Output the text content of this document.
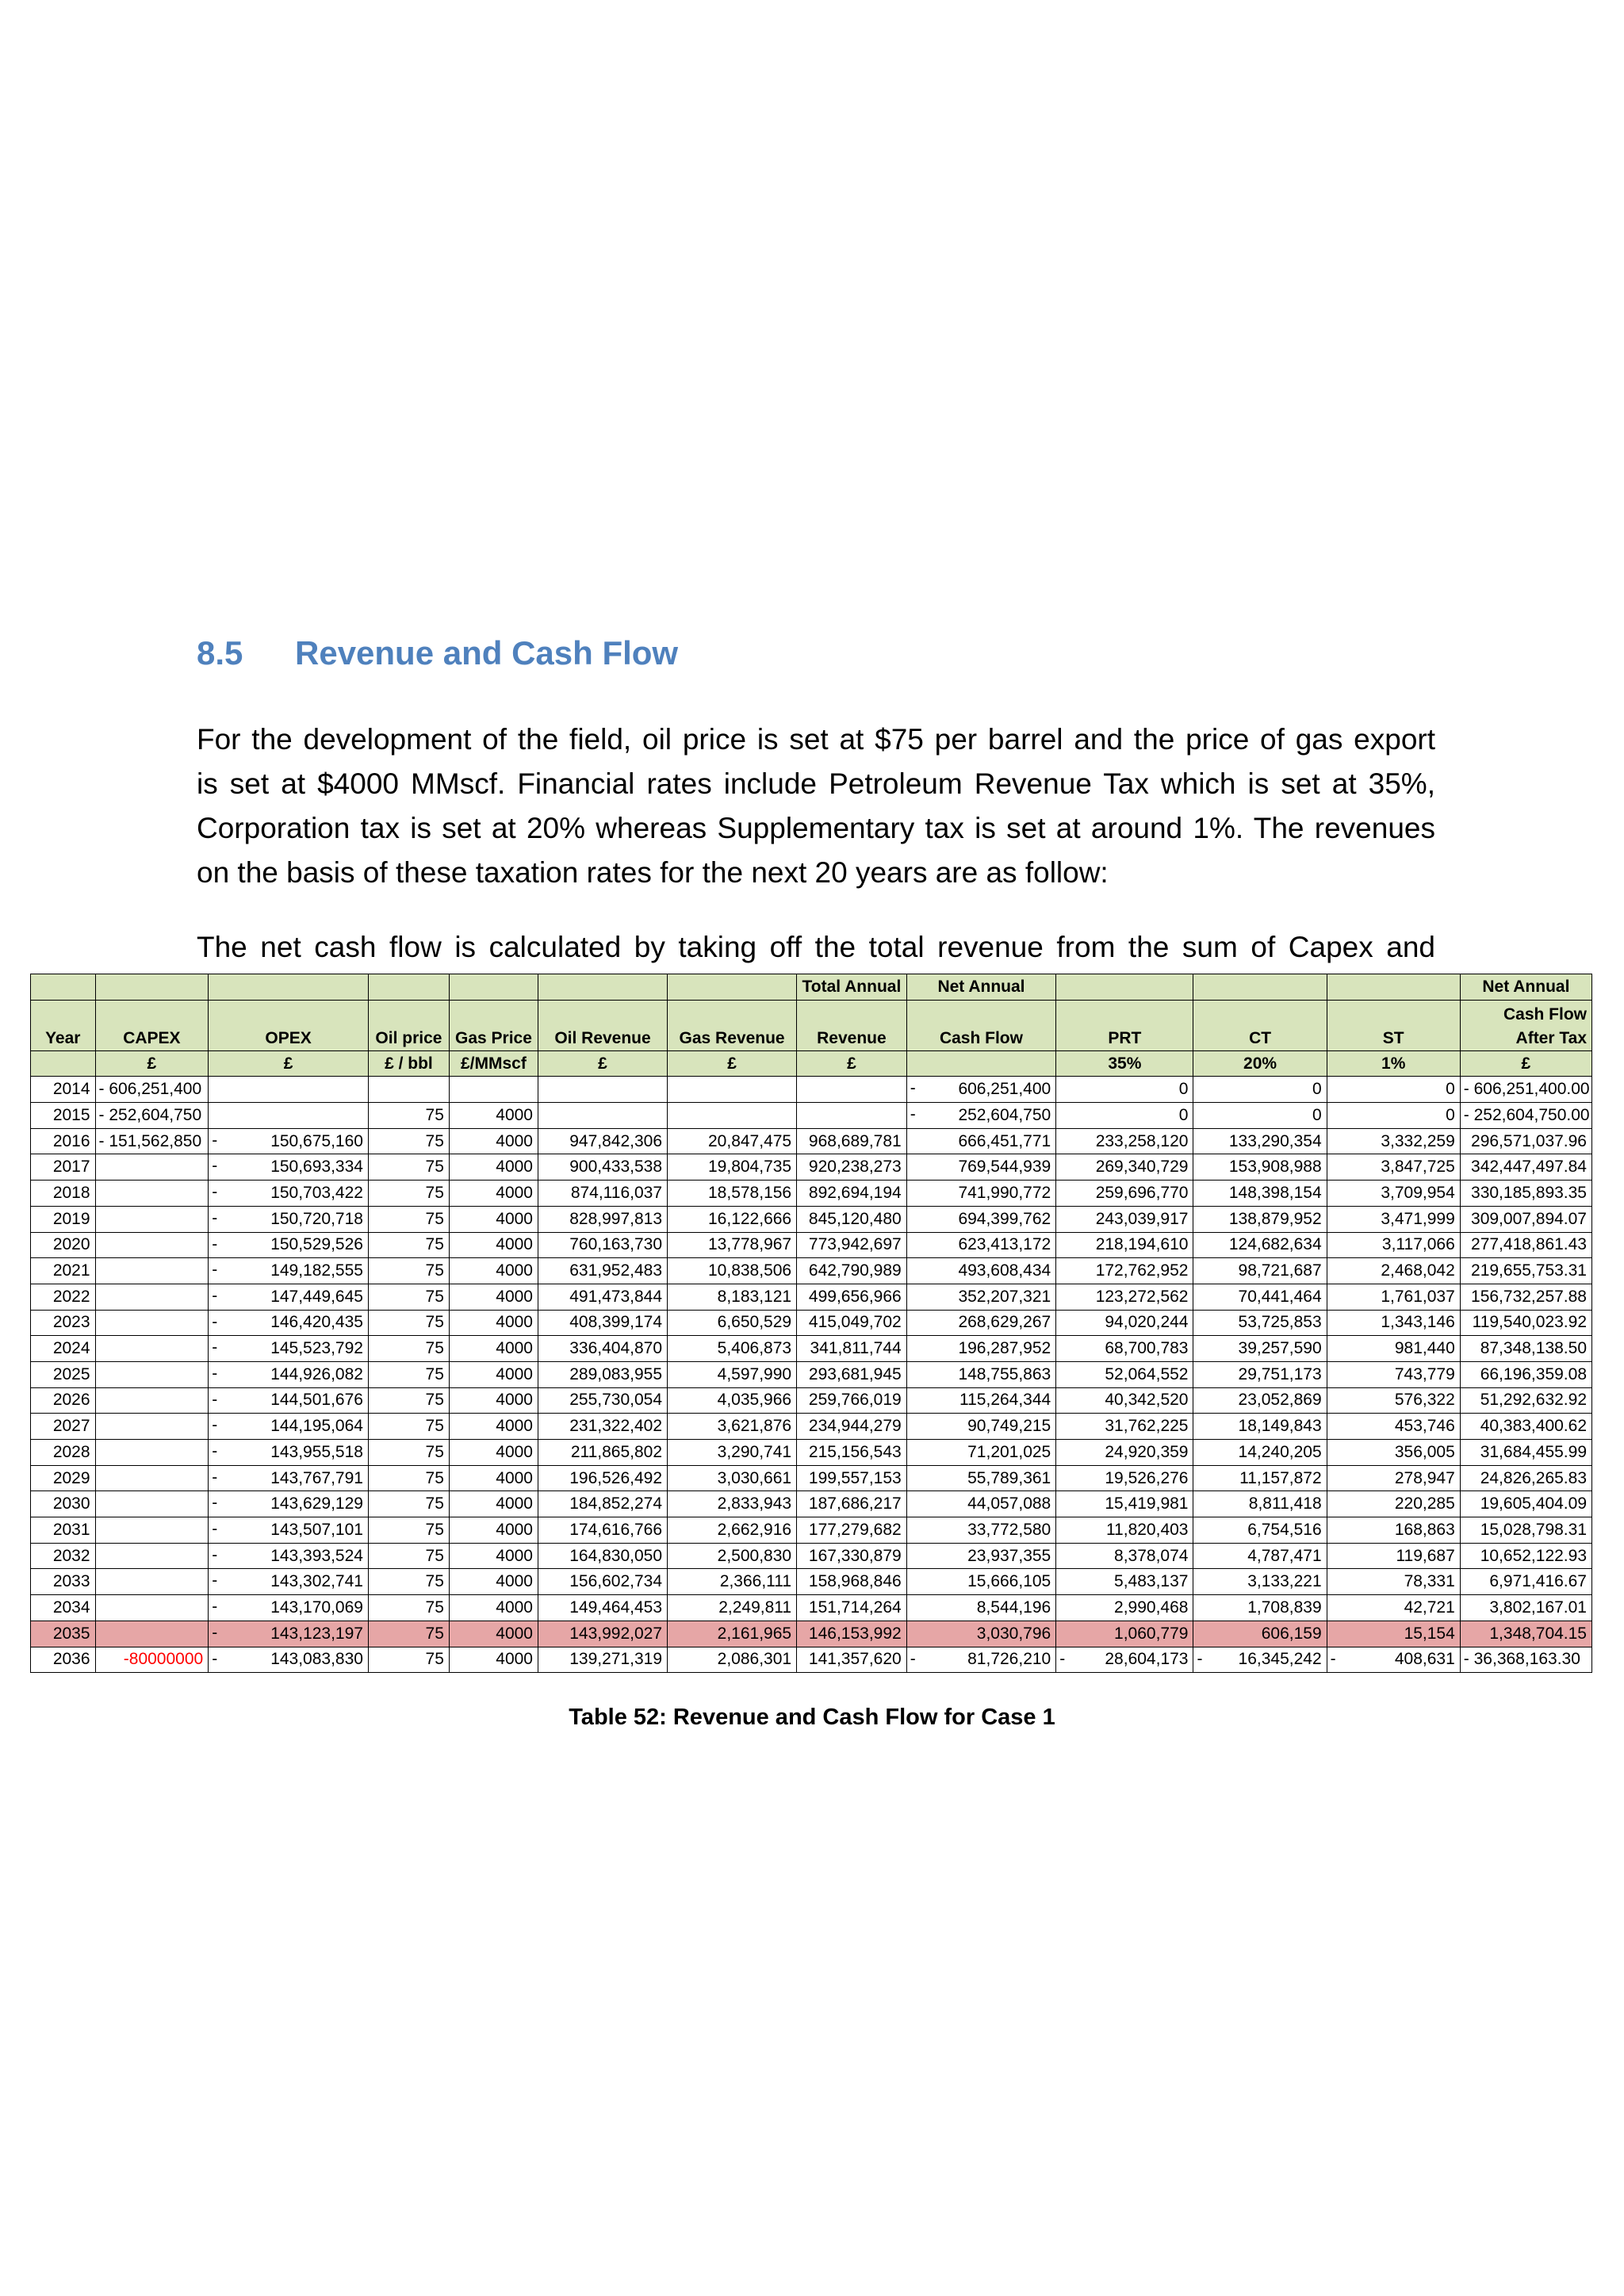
8.5 Revenue and Cash Flow
For the development of the field, oil price is set at $75 per barrel and the price of gas export
is set at $4000 MMscf. Financial rates include Petroleum Revenue Tax which is set at 35%,
Corporation tax is set at 20% whereas Supplementary tax is set at around 1%. The revenues
on the basis of these taxation rates for the next 20 years are as follow:
The net cash flow is calculated by taking off the total revenue from the sum of Capex and
							Total Annual	Net Annual				Net Annual
Year	CAPEX	OPEX	Oil price	Gas Price	Oil Revenue	Gas Revenue	Revenue	Cash Flow	PRT	CT	ST	Cash Flow After Tax
	£	£	£ / bbl	£/MMscf	£	£	£		35%	20%	1%	£
2014	- 606,251,400							- 606,251,400	0	0	0	- 606,251,400.00
2015	- 252,604,750		75	4000				- 252,604,750	0	0	0	- 252,604,750.00
2016	- 151,562,850	- 150,675,160	75	4000	947,842,306	20,847,475	968,689,781	666,451,771	233,258,120	133,290,354	3,332,259	296,571,037.96
2017		- 150,693,334	75	4000	900,433,538	19,804,735	920,238,273	769,544,939	269,340,729	153,908,988	3,847,725	342,447,497.84
2018		- 150,703,422	75	4000	874,116,037	18,578,156	892,694,194	741,990,772	259,696,770	148,398,154	3,709,954	330,185,893.35
2019		- 150,720,718	75	4000	828,997,813	16,122,666	845,120,480	694,399,762	243,039,917	138,879,952	3,471,999	309,007,894.07
2020		- 150,529,526	75	4000	760,163,730	13,778,967	773,942,697	623,413,172	218,194,610	124,682,634	3,117,066	277,418,861.43
2021		- 149,182,555	75	4000	631,952,483	10,838,506	642,790,989	493,608,434	172,762,952	98,721,687	2,468,042	219,655,753.31
2022		- 147,449,645	75	4000	491,473,844	8,183,121	499,656,966	352,207,321	123,272,562	70,441,464	1,761,037	156,732,257.88
2023		- 146,420,435	75	4000	408,399,174	6,650,529	415,049,702	268,629,267	94,020,244	53,725,853	1,343,146	119,540,023.92
2024		- 145,523,792	75	4000	336,404,870	5,406,873	341,811,744	196,287,952	68,700,783	39,257,590	981,440	87,348,138.50
2025		- 144,926,082	75	4000	289,083,955	4,597,990	293,681,945	148,755,863	52,064,552	29,751,173	743,779	66,196,359.08
2026		- 144,501,676	75	4000	255,730,054	4,035,966	259,766,019	115,264,344	40,342,520	23,052,869	576,322	51,292,632.92
2027		- 144,195,064	75	4000	231,322,402	3,621,876	234,944,279	90,749,215	31,762,225	18,149,843	453,746	40,383,400.62
2028		- 143,955,518	75	4000	211,865,802	3,290,741	215,156,543	71,201,025	24,920,359	14,240,205	356,005	31,684,455.99
2029		- 143,767,791	75	4000	196,526,492	3,030,661	199,557,153	55,789,361	19,526,276	11,157,872	278,947	24,826,265.83
2030		- 143,629,129	75	4000	184,852,274	2,833,943	187,686,217	44,057,088	15,419,981	8,811,418	220,285	19,605,404.09
2031		- 143,507,101	75	4000	174,616,766	2,662,916	177,279,682	33,772,580	11,820,403	6,754,516	168,863	15,028,798.31
2032		- 143,393,524	75	4000	164,830,050	2,500,830	167,330,879	23,937,355	8,378,074	4,787,471	119,687	10,652,122.93
2033		- 143,302,741	75	4000	156,602,734	2,366,111	158,968,846	15,666,105	5,483,137	3,133,221	78,331	6,971,416.67
2034		- 143,170,069	75	4000	149,464,453	2,249,811	151,714,264	8,544,196	2,990,468	1,708,839	42,721	3,802,167.01
2035		- 143,123,197	75	4000	143,992,027	2,161,965	146,153,992	3,030,796	1,060,779	606,159	15,154	1,348,704.15
2036	-80000000	- 143,083,830	75	4000	139,271,319	2,086,301	141,357,620	- 81,726,210	- 28,604,173	- 16,345,242	- 408,631	- 36,368,163.30
Table 52: Revenue and Cash Flow for Case 1
